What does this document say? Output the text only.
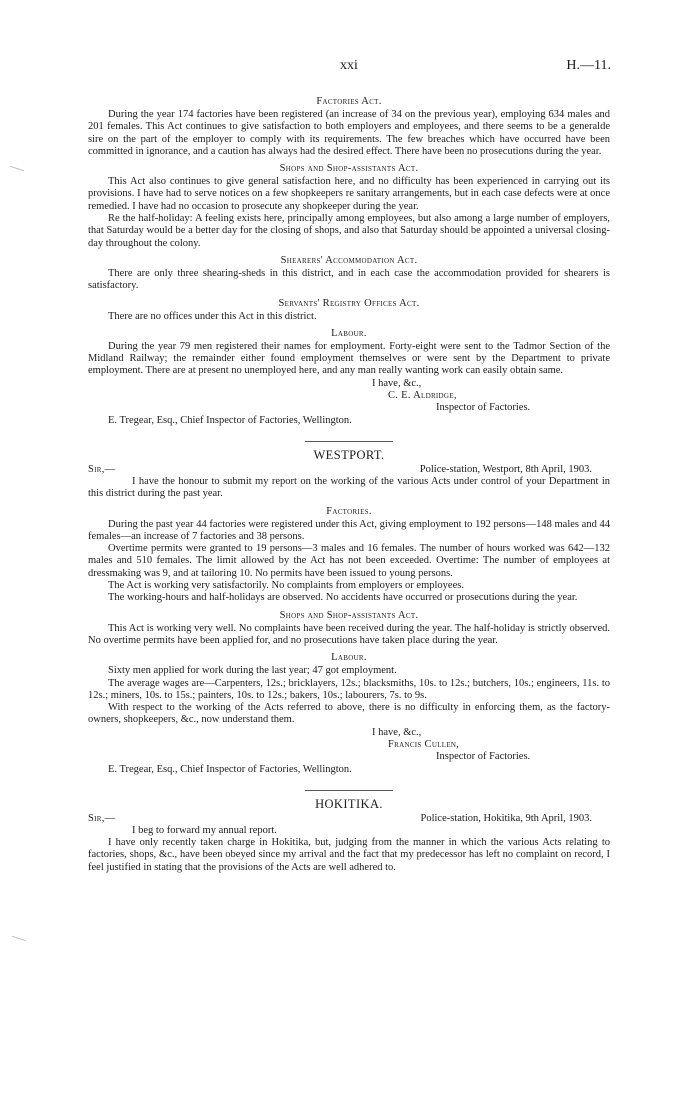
xxi	H.—11.
Factories Act.

During the year 174 factories have been registered (an increase of 34 on the previous year), employing 634 males and 201 females. This Act continues to give satisfaction to both employers and employees, and there seems to be a generalde sire on the part of the employer to comply with its requirements. The few breaches which have occurred have been committed in ignorance, and a caution has always had the desired effect. There have been no prosecutions during the year.

Shops and Shop-assistants Act.

This Act also continues to give general satisfaction here, and no difficulty has been experienced in carrying out its provisions. I have had to serve notices on a few shopkeepers re sanitary arrangements, but in each case defects were at once remedied. I have had no occasion to prosecute any shopkeeper during the year.

Re the half-holiday: A feeling exists here, principally among employees, but also among a large number of employers, that Saturday would be a better day for the closing of shops, and also that Saturday should be appointed a universal closing-day throughout the colony.

Shearers' Accommodation Act.

There are only three shearing-sheds in this district, and in each case the accommodation provided for shearers is satisfactory.

Servants' Registry Offices Act.

There are no offices under this Act in this district.

Labour.

During the year 79 men registered their names for employment. Forty-eight were sent to the Tadmor Section of the Midland Railway; the remainder either found employment themselves or were sent by the Department to private employment. There are at present no unemployed here, and any man really wanting work can easily obtain same.

I have, &c.,
C. E. Aldridge,
Inspector of Factories.
E. Tregear, Esq., Chief Inspector of Factories, Wellington.
WESTPORT.
Sir,—	Police-station, Westport, 8th April, 1903.

I have the honour to submit my report on the working of the various Acts under control of your Department in this district during the past year.

Factories.

During the past year 44 factories were registered under this Act, giving employment to 192 persons—148 males and 44 females—an increase of 7 factories and 38 persons.

Overtime permits were granted to 19 persons—3 males and 16 females. The number of hours worked was 642—132 males and 510 females. The limit allowed by the Act has not been exceeded. Overtime: The number of employees at dressmaking was 9, and at tailoring 10. No permits have been issued to young persons.

The Act is working very satisfactorily. No complaints from employers or employees.

The working-hours and half-holidays are observed. No accidents have occurred or prosecutions during the year.

Shops and Shop-assistants Act.

This Act is working very well. No complaints have been received during the year. The half-holiday is strictly observed. No overtime permits have been applied for, and no prosecutions have taken place during the year.

Labour.

Sixty men applied for work during the last year; 47 got employment.

The average wages are—Carpenters, 12s.; bricklayers, 12s.; blacksmiths, 10s. to 12s.; butchers, 10s.; engineers, 11s. to 12s.; miners, 10s. to 15s.; painters, 10s. to 12s.; bakers, 10s.; labourers, 7s. to 9s.

With respect to the working of the Acts referred to above, there is no difficulty in enforcing them, as the factory-owners, shopkeepers, &c., now understand them.

I have, &c.,
Francis Cullen,
Inspector of Factories.
E. Tregear, Esq., Chief Inspector of Factories, Wellington.
HOKITIKA.
Sir,—	Police-station, Hokitika, 9th April, 1903.

I beg to forward my annual report.

I have only recently taken charge in Hokitika, but, judging from the manner in which the various Acts relating to factories, shops, &c., have been obeyed since my arrival and the fact that my predecessor has left no complaint on record, I feel justified in stating that the provisions of the Acts are well adhered to.
